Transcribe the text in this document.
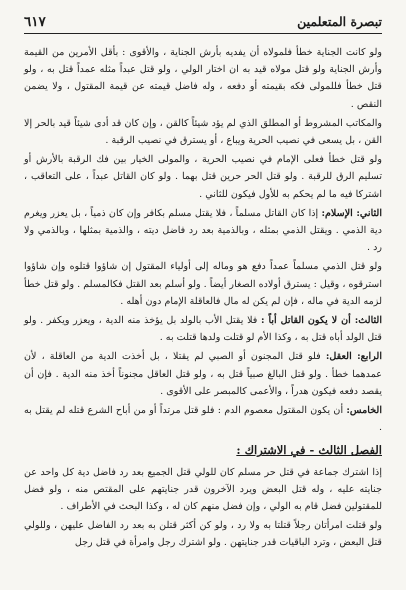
تبصرة المتعلمين
٦١٧

ولو كانت الجناية خطأ فلمولاه أن يفديه بأرش الجناية ، والأقوى : بأقل الأمرين من القيمة وأرش الجناية ولو قتل مولاه قيد به ان اختار الولي ، ولو قتل عبداً مثله عمداً قتل به ، ولو قتل خطأ فللمولى فكه بقيمته أو دفعه ، وله فاضل قيمته عن قيمة المقتول ، ولا يضمن النقص .

والمكاتب المشروط أو المطلق الذي لم يؤد شيئاً كالقن ، وإن كان قد أدى شيئاً قيد بالحر إلا القن ، بل يسعى في نصيب الحرية ويباع ، أو يسترق في نصيب الرقبة .

ولو قتل خطأ فعلى الإمام في نصيب الحرية ، والمولى الخيار بين فك الرقبة بالأرش أو تسليم الرق للرقبة . ولو قتل الحر حرين قتل بهما . ولو كان القاتل عبداً ، على التعاقب ، اشتركا فيه ما لم يحكم به للأول فيكون للثاني .

الثاني: الإسلام: إذا كان القاتل مسلماً ، فلا يقتل مسلم بكافر وإن كان ذمياً ، بل يعزر ويغرم دية الذمي . ويقتل الذمي بمثله ، وبالذمية بعد رد فاضل ديته ، والذمية بمثلها ، وبالذمي ولا رد .

ولو قتل الذمي مسلماً عمداً دفع هو وماله إلى أولياء المقتول إن شاؤوا قتلوه وإن شاؤوا استرقوه ، وقيل : يسترق أولاده الصغار أيضاً . ولو أسلم بعد القتل فكالمسلم . ولو قتل خطأ لزمه الدية في ماله ، فإن لم يكن له مال فالعاقلة الإمام دون أهله .

الثالث: أن لا يكون القاتل أباً : فلا يقتل الأب بالولد بل يؤخذ منه الدية ، ويعزر ويكفر . ولو قتل الولد أباه قتل به ، وكذا الأم لو قتلت ولدها قتلت به .

الرابع: العقل: فلو قتل المجنون أو الصبي لم يقتلا ، بل أخذت الدية من العاقلة ، لأن عمدهما خطأ . ولو قتل البالغ صبياً قتل به ، ولو قتل العاقل مجنوناً أخذ منه الدية . فإن أن يقصد دفعه فيكون هدراً ، والأعمى كالمبصر على الأقوى .

الخامس: أن يكون المقتول معصوم الدم : فلو قتل مرتداً أو من أباح الشرع قتله لم يقتل به .

الفصل الثالث - في الاشتراك :

إذا اشترك جماعة في قتل حر مسلم كان للولي قتل الجميع بعد رد فاضل دية كل واحد عن جنايته عليه ، وله قتل البعض ويرد الآخرون قدر جنايتهم على المقتص منه ، ولو فضل للمقتولين فضل قام به الولي ، وإن فضل منهم كان له ، وكذا البحث في الأطراف .

ولو قتلت امرأتان رجلاً قتلتا به ولا رد ، ولو كن أكثر قتلن به بعد رد الفاضل عليهن ، وللولي قتل البعض ، وترد الباقيات قدر جنايتهن . ولو اشترك رجل وامرأة في قتل رجل
